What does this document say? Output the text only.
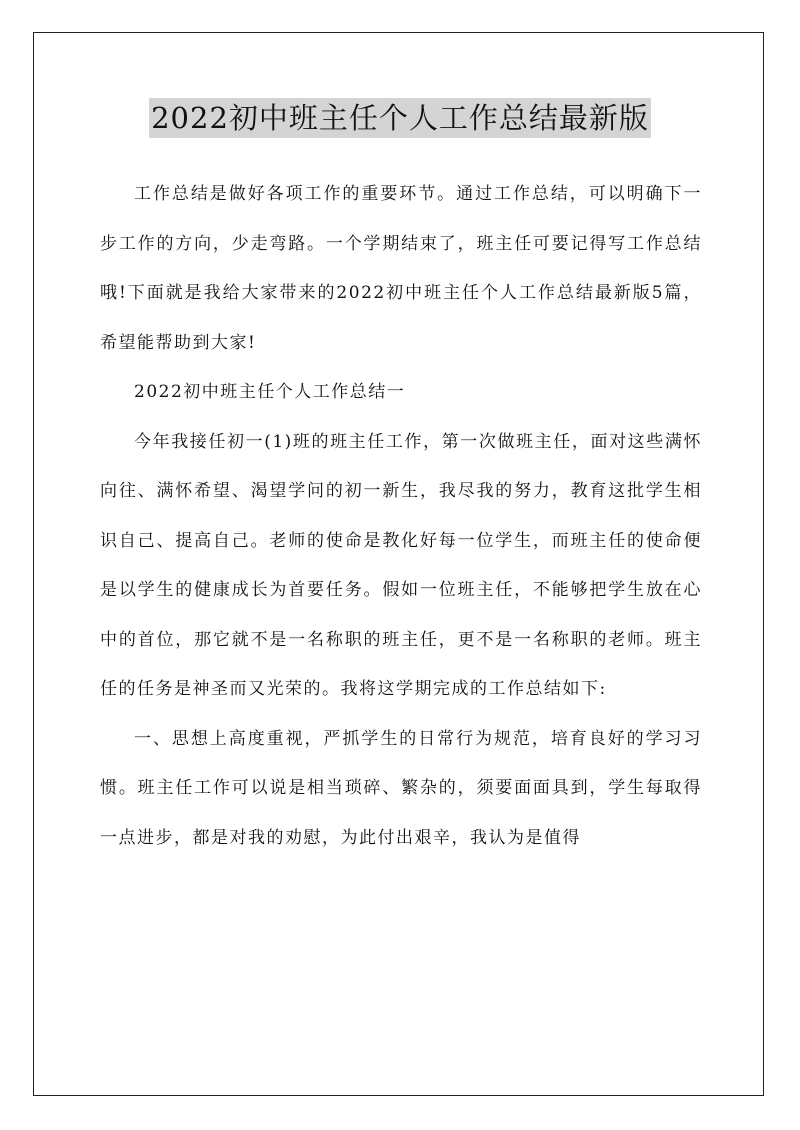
2022初中班主任个人工作总结最新版

工作总结是做好各项工作的重要环节。通过工作总结，可以明确下一步工作的方向，少走弯路。一个学期结束了，班主任可要记得写工作总结哦!下面就是我给大家带来的2022初中班主任个人工作总结最新版5篇，希望能帮助到大家!

2022初中班主任个人工作总结一

今年我接任初一(1)班的班主任工作，第一次做班主任，面对这些满怀向往、满怀希望、渴望学问的初一新生，我尽我的努力，教育这批学生相识自己、提高自己。老师的使命是教化好每一位学生，而班主任的使命便是以学生的健康成长为首要任务。假如一位班主任，不能够把学生放在心中的首位，那它就不是一名称职的班主任，更不是一名称职的老师。班主任的任务是神圣而又光荣的。我将这学期完成的工作总结如下:

一、思想上高度重视，严抓学生的日常行为规范，培育良好的学习习惯。班主任工作可以说是相当琐碎、繁杂的，须要面面具到，学生每取得一点进步，都是对我的劝慰，为此付出艰辛，我认为是值得
